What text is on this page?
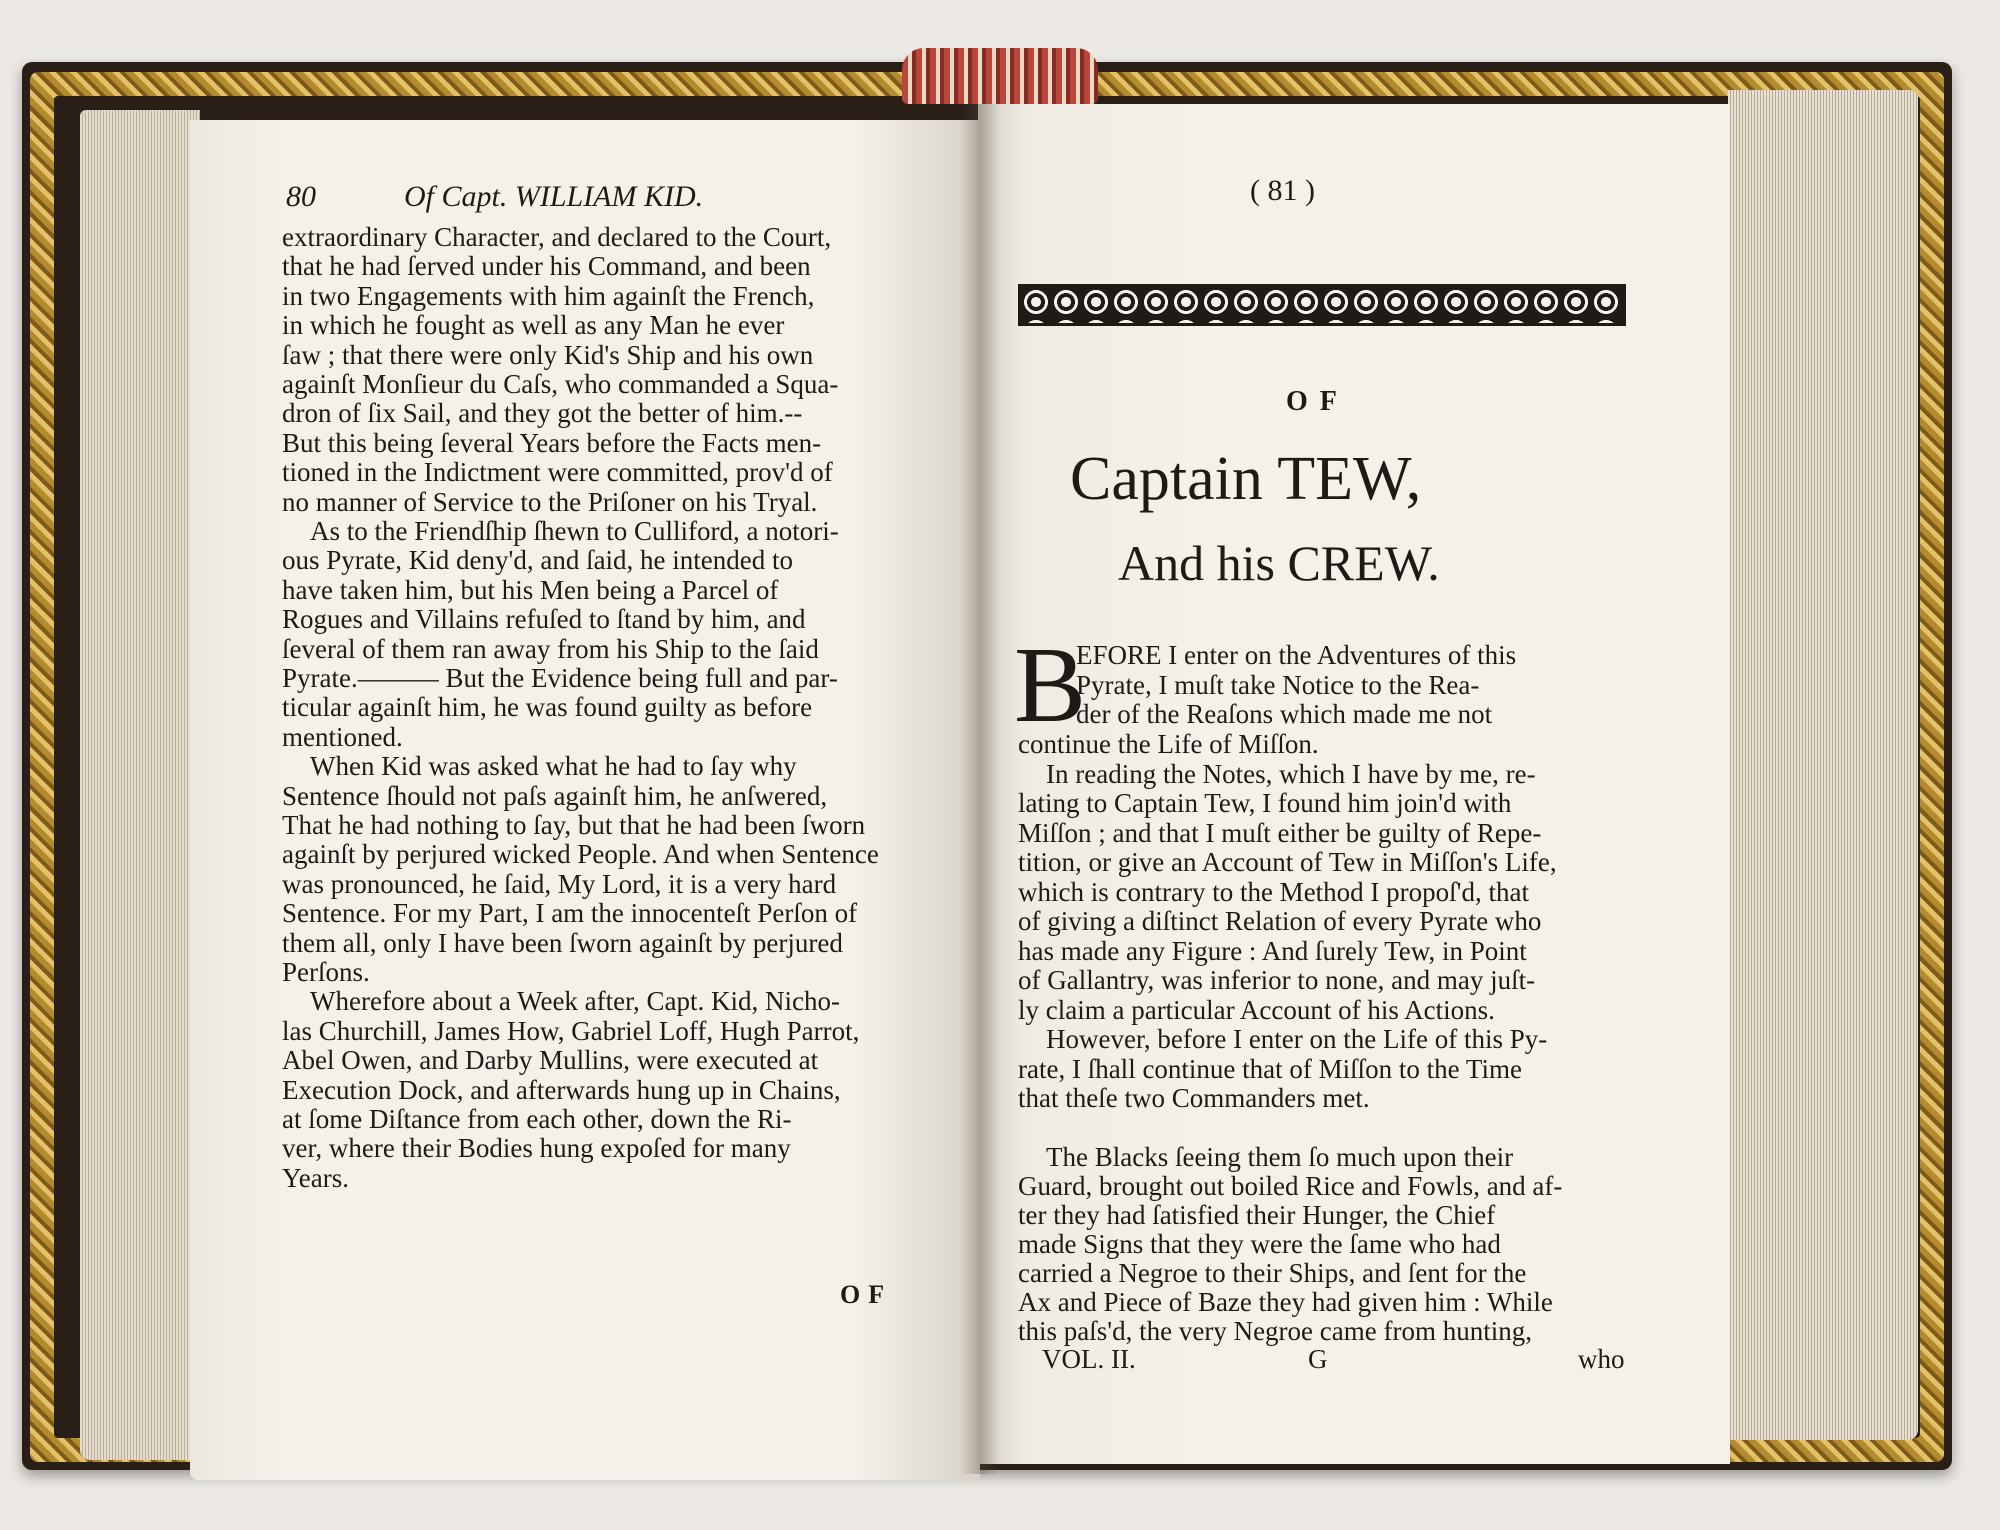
80	Of Capt. WILLIAM KID.
extraordinary Character, and declared to the Court,
that he had ſerved under his Command, and been
in two Engagements with him againſt the French,
in which he fought as well as any Man he ever
ſaw ; that there were only Kid's Ship and his own
againſt Monſieur du Caſs, who commanded a Squa-
dron of ſix Sail, and they got the better of him.--
But this being ſeveral Years before the Facts men-
tioned in the Indictment were committed, prov'd of
no manner of Service to the Priſoner on his Tryal.
As to the Friendſhip ſhewn to Culliford, a notori-
ous Pyrate, Kid deny'd, and ſaid, he intended to
have taken him, but his Men being a Parcel of
Rogues and Villains refuſed to ſtand by him, and
ſeveral of them ran away from his Ship to the ſaid
Pyrate.——— But the Evidence being full and par-
ticular againſt him, he was found guilty as before
mentioned.
When Kid was asked what he had to ſay why
Sentence ſhould not paſs againſt him, he anſwered,
That he had nothing to ſay, but that he had been ſworn
againſt by perjured wicked People. And when Sentence
was pronounced, he ſaid, My Lord, it is a very hard
Sentence. For my Part, I am the innocenteſt Perſon of
them all, only I have been ſworn againſt by perjured
Perſons.
Wherefore about a Week after, Capt. Kid, Nicho-
las Churchill, James How, Gabriel Loff, Hugh Parrot,
Abel Owen, and Darby Mullins, were executed at
Execution Dock, and afterwards hung up in Chains,
at ſome Diſtance from each other, down the Ri-
ver, where their Bodies hung expoſed for many
Years.
OF
( 81 )
OF
Captain TEW,
And his CREW.
B
EFORE I enter on the Adventures of this
Pyrate, I muſt take Notice to the Rea-
der of the Reaſons which made me not
continue the Life of Miſſon.
In reading the Notes, which I have by me, re-
lating to Captain Tew, I found him join'd with
Miſſon ; and that I muſt either be guilty of Repe-
tition, or give an Account of Tew in Miſſon's Life,
which is contrary to the Method I propoſ'd, that
of giving a diſtinct Relation of every Pyrate who
has made any Figure : And ſurely Tew, in Point
of Gallantry, was inferior to none, and may juſt-
ly claim a particular Account of his Actions.
However, before I enter on the Life of this Py-
rate, I ſhall continue that of Miſſon to the Time
that theſe two Commanders met.
The Blacks ſeeing them ſo much upon their
Guard, brought out boiled Rice and Fowls, and af-
ter they had ſatisfied their Hunger, the Chief
made Signs that they were the ſame who had
carried a Negroe to their Ships, and ſent for the
Ax and Piece of Baze they had given him : While
this paſs'd, the very Negroe came from hunting,
VOL. II.	G	who
